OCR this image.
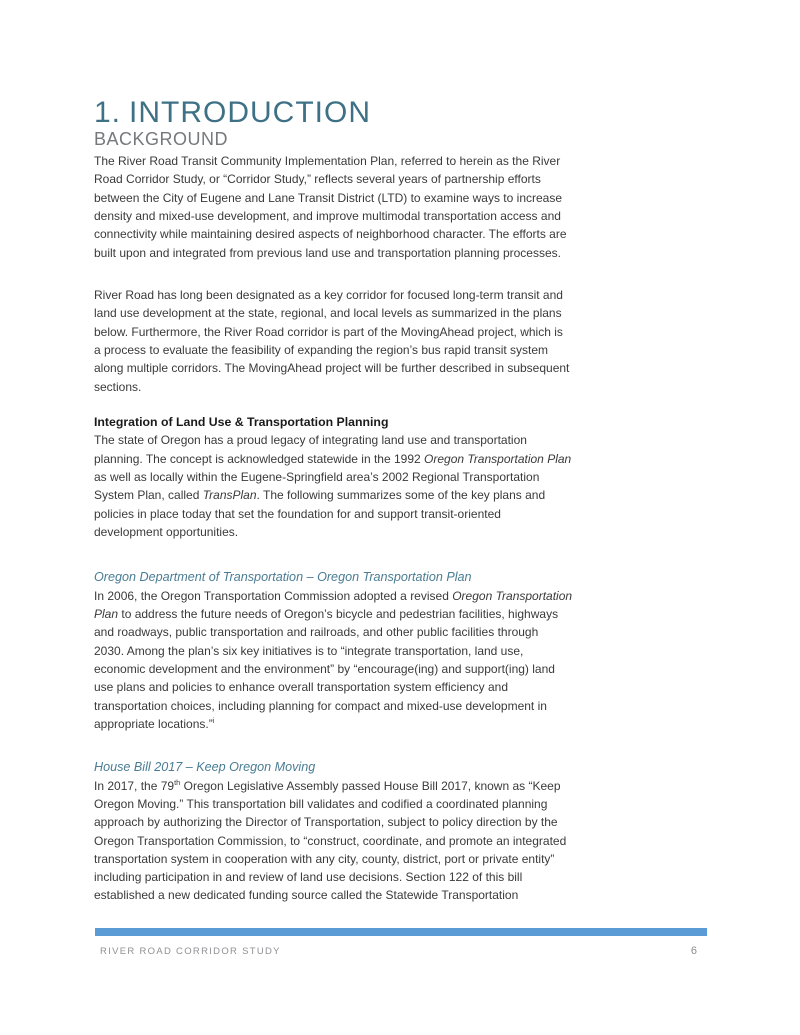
1. INTRODUCTION
BACKGROUND

The River Road Transit Community Implementation Plan, referred to herein as the River
Road Corridor Study, or “Corridor Study,” reflects several years of partnership efforts
between the City of Eugene and Lane Transit District (LTD) to examine ways to increase
density and mixed-use development, and improve multimodal transportation access and
connectivity while maintaining desired aspects of neighborhood character. The efforts are
built upon and integrated from previous land use and transportation planning processes.

River Road has long been designated as a key corridor for focused long-term transit and
land use development at the state, regional, and local levels as summarized in the plans
below. Furthermore, the River Road corridor is part of the MovingAhead project, which is
a process to evaluate the feasibility of expanding the region’s bus rapid transit system
along multiple corridors. The MovingAhead project will be further described in subsequent
sections.

Integration of Land Use & Transportation Planning

The state of Oregon has a proud legacy of integrating land use and transportation
planning. The concept is acknowledged statewide in the 1992 Oregon Transportation Plan
as well as locally within the Eugene-Springfield area’s 2002 Regional Transportation
System Plan, called TransPlan. The following summarizes some of the key plans and
policies in place today that set the foundation for and support transit-oriented
development opportunities.

Oregon Department of Transportation – Oregon Transportation Plan

In 2006, the Oregon Transportation Commission adopted a revised Oregon Transportation
Plan to address the future needs of Oregon’s bicycle and pedestrian facilities, highways
and roadways, public transportation and railroads, and other public facilities through
2030. Among the plan’s six key initiatives is to “integrate transportation, land use,
economic development and the environment” by “encourage(ing) and support(ing) land
use plans and policies to enhance overall transportation system efficiency and
transportation choices, including planning for compact and mixed-use development in
appropriate locations.”$^i$

House Bill 2017 – Keep Oregon Moving

In 2017, the 79th Oregon Legislative Assembly passed House Bill 2017, known as “Keep
Oregon Moving.” This transportation bill validates and codified a coordinated planning
approach by authorizing the Director of Transportation, subject to policy direction by the
Oregon Transportation Commission, to “construct, coordinate, and promote an integrated
transportation system in cooperation with any city, county, district, port or private entity”
including participation in and review of land use decisions. Section 122 of this bill
established a new dedicated funding source called the Statewide Transportation

RIVER ROAD CORRIDOR STUDY	6
